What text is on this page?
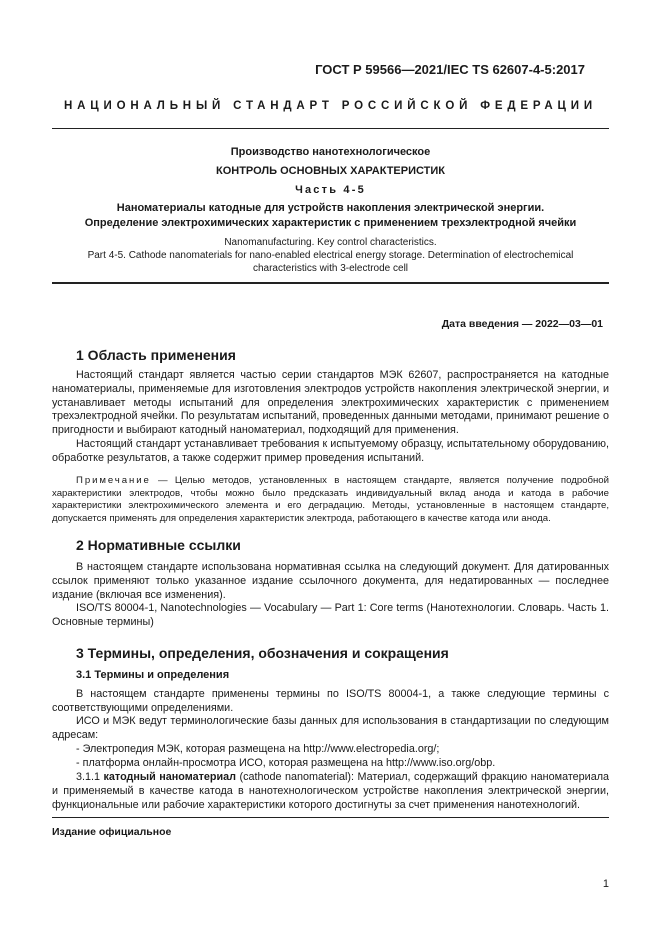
ГОСТ Р 59566—2021/IEC TS 62607-4-5:2017
НАЦИОНАЛЬНЫЙ СТАНДАРТ РОССИЙСКОЙ ФЕДЕРАЦИИ
Производство нанотехнологическое
КОНТРОЛЬ ОСНОВНЫХ ХАРАКТЕРИСТИК
Часть 4-5
Наноматериалы катодные для устройств накопления электрической энергии.
Определение электрохимических характеристик с применением трехэлектродной ячейки
Nanomanufacturing. Key control characteristics.
Part 4-5. Cathode nanomaterials for nano-enabled electrical energy storage. Determination of electrochemical
characteristics with 3-electrode cell
Дата введения — 2022—03—01
1 Область применения
Настоящий стандарт является частью серии стандартов МЭК 62607, распространяется на катодные наноматериалы, применяемые для изготовления электродов устройств накопления электрической энергии, и устанавливает методы испытаний для определения электрохимических характеристик с применением трехэлектродной ячейки. По результатам испытаний, проведенных данными методами, принимают решение о пригодности и выбирают катодный наноматериал, подходящий для применения.
Настоящий стандарт устанавливает требования к испытуемому образцу, испытательному оборудованию, обработке результатов, а также содержит пример проведения испытаний.
Примечание — Целью методов, установленных в настоящем стандарте, является получение подробной характеристики электродов, чтобы можно было предсказать индивидуальный вклад анода и катода в рабочие характеристики электрохимического элемента и его деградацию. Методы, установленные в настоящем стандарте, допускается применять для определения характеристик электрода, работающего в качестве катода или анода.
2 Нормативные ссылки
В настоящем стандарте использована нормативная ссылка на следующий документ. Для датированных ссылок применяют только указанное издание ссылочного документа, для недатированных — последнее издание (включая все изменения).
ISO/TS 80004-1, Nanotechnologies — Vocabulary — Part 1: Core terms (Нанотехнологии. Словарь. Часть 1. Основные термины)
3 Термины, определения, обозначения и сокращения
3.1 Термины и определения
В настоящем стандарте применены термины по ISO/TS 80004-1, а также следующие термины с соответствующими определениями.
ИСО и МЭК ведут терминологические базы данных для использования в стандартизации по следующим адресам:
- Электропедия МЭК, которая размещена на http://www.electropedia.org/;
- платформа онлайн-просмотра ИСО, которая размещена на http://www.iso.org/obp.
3.1.1 катодный наноматериал (cathode nanomaterial): Материал, содержащий фракцию наноматериала и применяемый в качестве катода в нанотехнологическом устройстве накопления электрической энергии, функциональные или рабочие характеристики которого достигнуты за счет применения нанотехнологий.
Издание официальное
1
